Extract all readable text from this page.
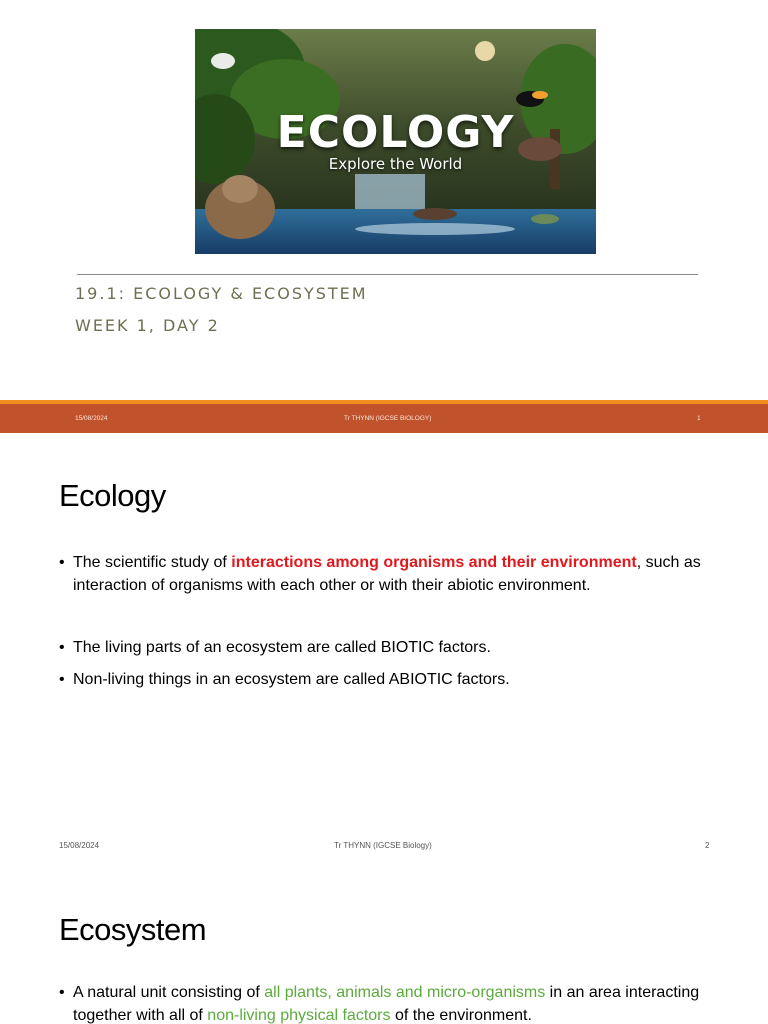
ECOLOGY
Explore the World
19.1: ECOLOGY & ECOSYSTEM
WEEK 1, DAY 2
15/08/2024	Tr THYNN (IGCSE BIOLOGY)	1
Ecology

• The scientific study of interactions among organisms and their environment, such as interaction of organisms with each other or with their abiotic environment.

• The living parts of an ecosystem are called BIOTIC factors.

• Non-living things in an ecosystem are called ABIOTIC factors.

15/08/2024	Tr THYNN (IGCSE Biology)	2
Ecosystem

• A natural unit consisting of all plants, animals and micro-organisms in an area interacting together with all of non-living physical factors of the environment.
